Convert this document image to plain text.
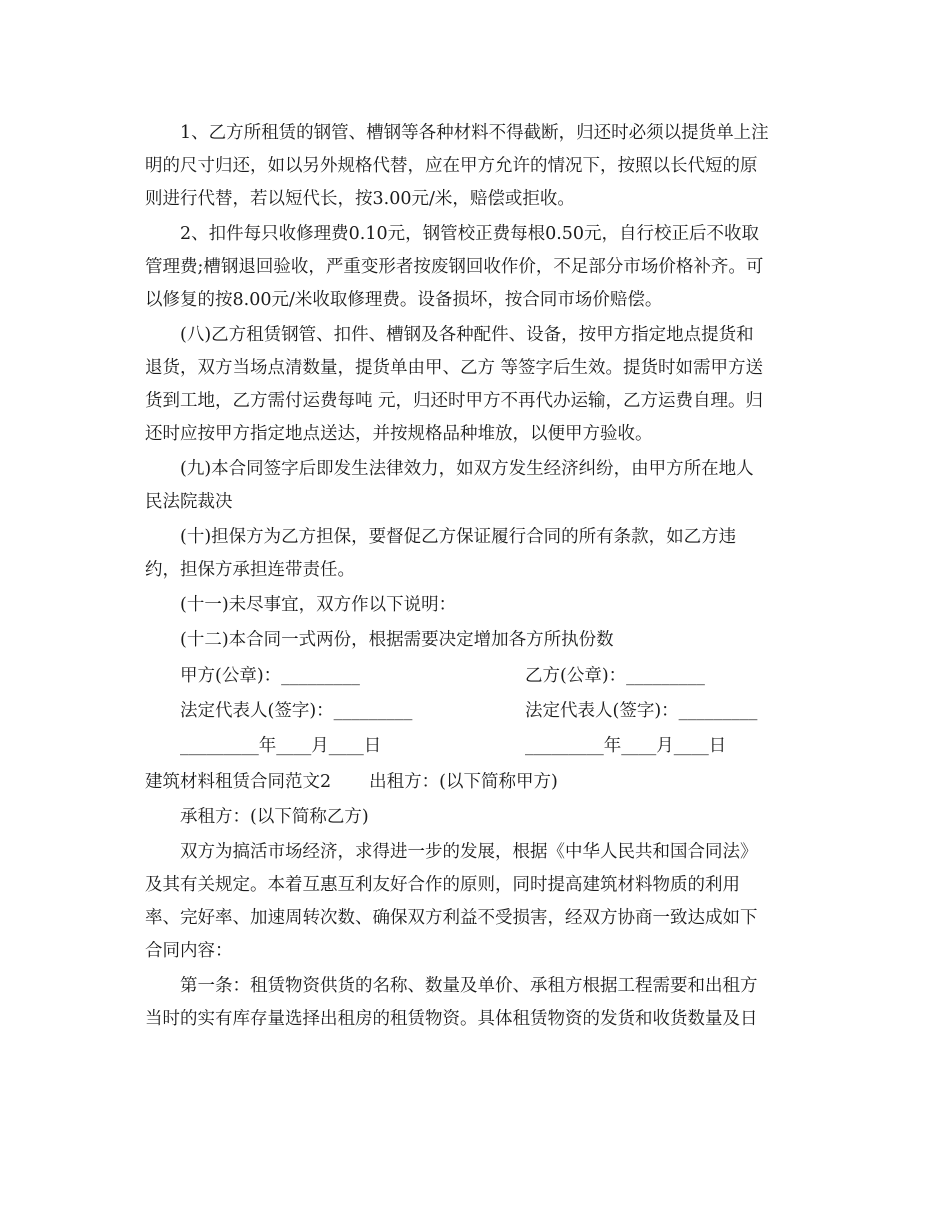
1、乙方所租赁的钢管、槽钢等各种材料不得截断，归还时必须以提货单上注
明的尺寸归还，如以另外规格代替，应在甲方允许的情况下，按照以长代短的原
则进行代替，若以短代长，按3.00元/米，赔偿或拒收。

2、扣件每只收修理费0.10元，钢管校正费每根0.50元，自行校正后不收取
管理费;槽钢退回验收，严重变形者按废钢回收作价，不足部分市场价格补齐。可
以修复的按8.00元/米收取修理费。设备损坏，按合同市场价赔偿。

(八)乙方租赁钢管、扣件、槽钢及各种配件、设备，按甲方指定地点提货和
退货，双方当场点清数量，提货单由甲、乙方 等签字后生效。提货时如需甲方送
货到工地，乙方需付运费每吨 元，归还时甲方不再代办运输，乙方运费自理。归
还时应按甲方指定地点送达，并按规格品种堆放，以便甲方验收。

(九)本合同签字后即发生法律效力，如双方发生经济纠纷，由甲方所在地人
民法院裁决

(十)担保方为乙方担保，要督促乙方保证履行合同的所有条款，如乙方违
约，担保方承担连带责任。

(十一)未尽事宜，双方作以下说明：

(十二)本合同一式两份，根据需要决定增加各方所执份数

甲方(公章)：_________	乙方(公章)：_________
法定代表人(签字)：_________	法定代表人(签字)：_________
_________年____月____日	_________年____月____日

建筑材料租赁合同范文2 出租方：(以下简称甲方)

承租方：(以下简称乙方)

双方为搞活市场经济，求得进一步的发展，根据《中华人民共和国合同法》
及其有关规定。本着互惠互利友好合作的原则，同时提高建筑材料物质的利用
率、完好率、加速周转次数、确保双方利益不受损害，经双方协商一致达成如下
合同内容：

第一条：租赁物资供货的名称、数量及单价、承租方根据工程需要和出租方
当时的实有库存量选择出租房的租赁物资。具体租赁物资的发货和收货数量及日
